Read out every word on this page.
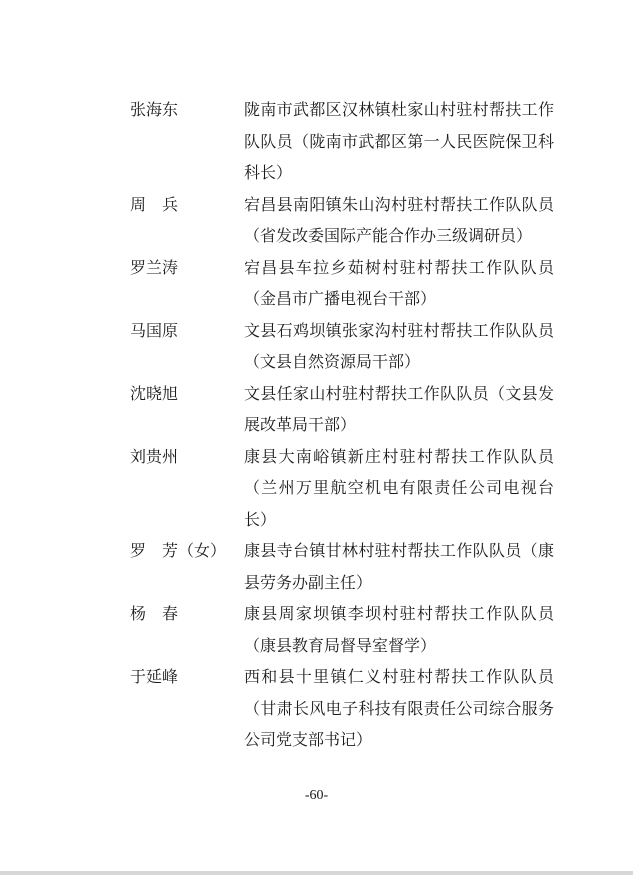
张海东	陇南市武都区汉林镇杜家山村驻村帮扶工作队队员（陇南市武都区第一人民医院保卫科科长）
周　兵	宕昌县南阳镇朱山沟村驻村帮扶工作队队员（省发改委国际产能合作办三级调研员）
罗兰涛	宕昌县车拉乡茹树村驻村帮扶工作队队员（金昌市广播电视台干部）
马国原	文县石鸡坝镇张家沟村驻村帮扶工作队队员（文县自然资源局干部）
沈晓旭	文县任家山村驻村帮扶工作队队员（文县发展改革局干部）
刘贵州	康县大南峪镇新庄村驻村帮扶工作队队员（兰州万里航空机电有限责任公司电视台长）
罗　芳（女）	康县寺台镇甘林村驻村帮扶工作队队员（康县劳务办副主任）
杨　春	康县周家坝镇李坝村驻村帮扶工作队队员（康县教育局督导室督学）
于延峰	西和县十里镇仁义村驻村帮扶工作队队员（甘肃长风电子科技有限责任公司综合服务公司党支部书记）
-60-
